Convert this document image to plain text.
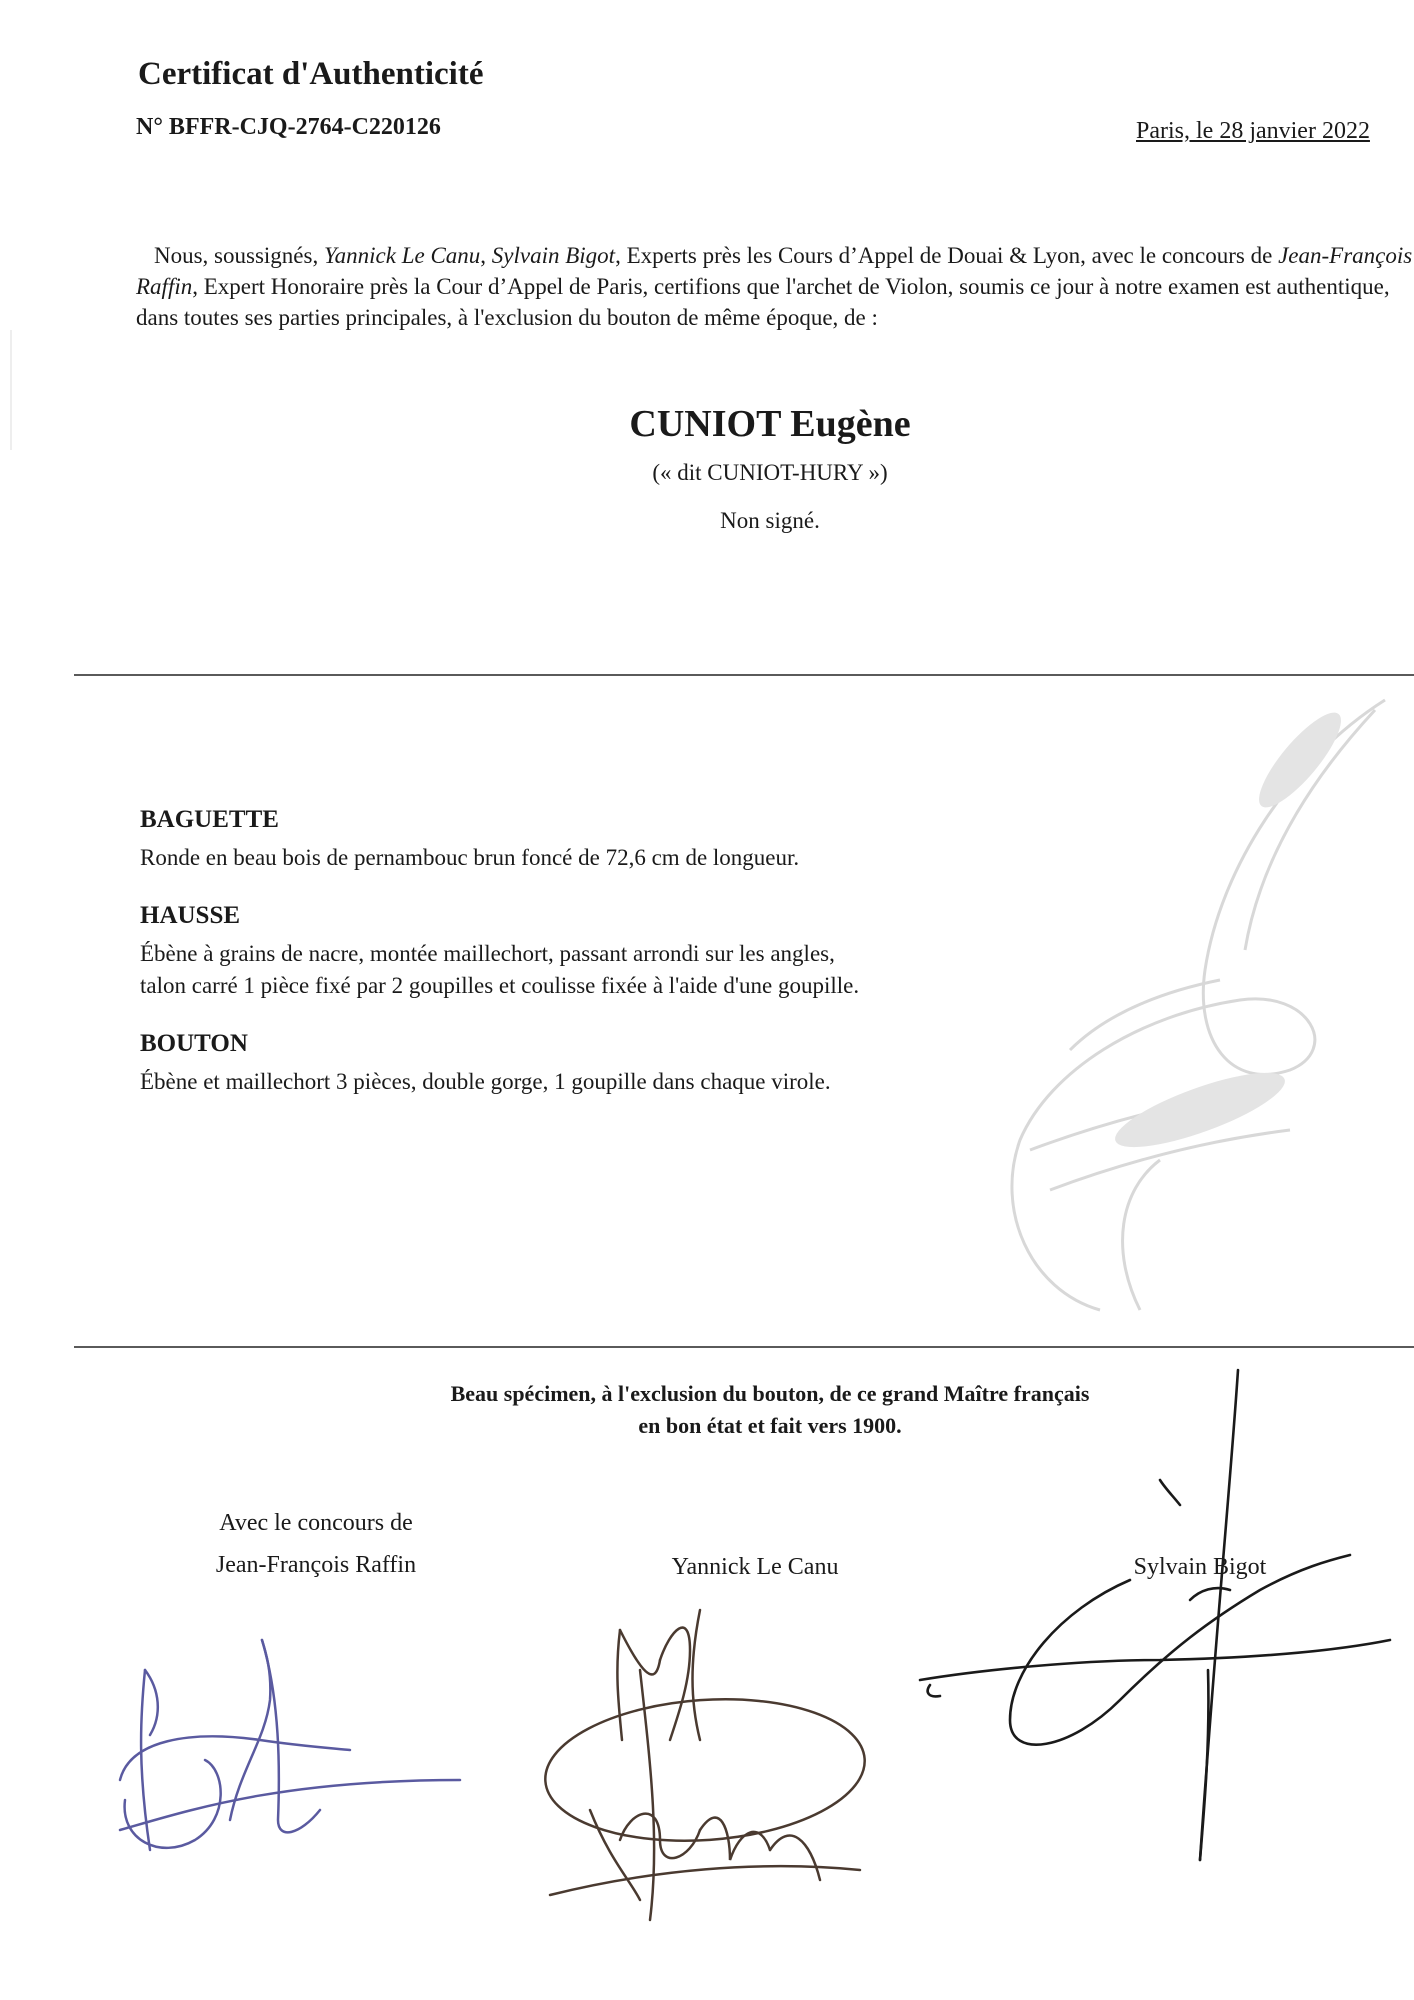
Certificat d'Authenticité
N° BFFR-CJQ-2764-C220126	Paris, le 28 janvier 2022
Nous, soussignés, Yannick Le Canu, Sylvain Bigot, Experts près les Cours d’Appel de Douai & Lyon, avec le concours de Jean-François Raffin, Expert Honoraire près la Cour d’Appel de Paris, certifions que l'archet de Violon, soumis ce jour à notre examen est authentique, dans toutes ses parties principales, à l'exclusion du bouton de même époque, de :
CUNIOT Eugène
(« dit CUNIOT-HURY »)
Non signé.
BAGUETTE
Ronde en beau bois de pernambouc brun foncé de 72,6 cm de longueur.
HAUSSE
Ébène à grains de nacre, montée maillechort, passant arrondi sur les angles,
talon carré 1 pièce fixé par 2 goupilles et coulisse fixée à l'aide d'une goupille.
BOUTON
Ébène et maillechort 3 pièces, double gorge, 1 goupille dans chaque virole.
Beau spécimen, à l'exclusion du bouton, de ce grand Maître français
en bon état et fait vers 1900.
Avec le concours de
Jean-François Raffin	Yannick Le Canu	Sylvain Bigot
